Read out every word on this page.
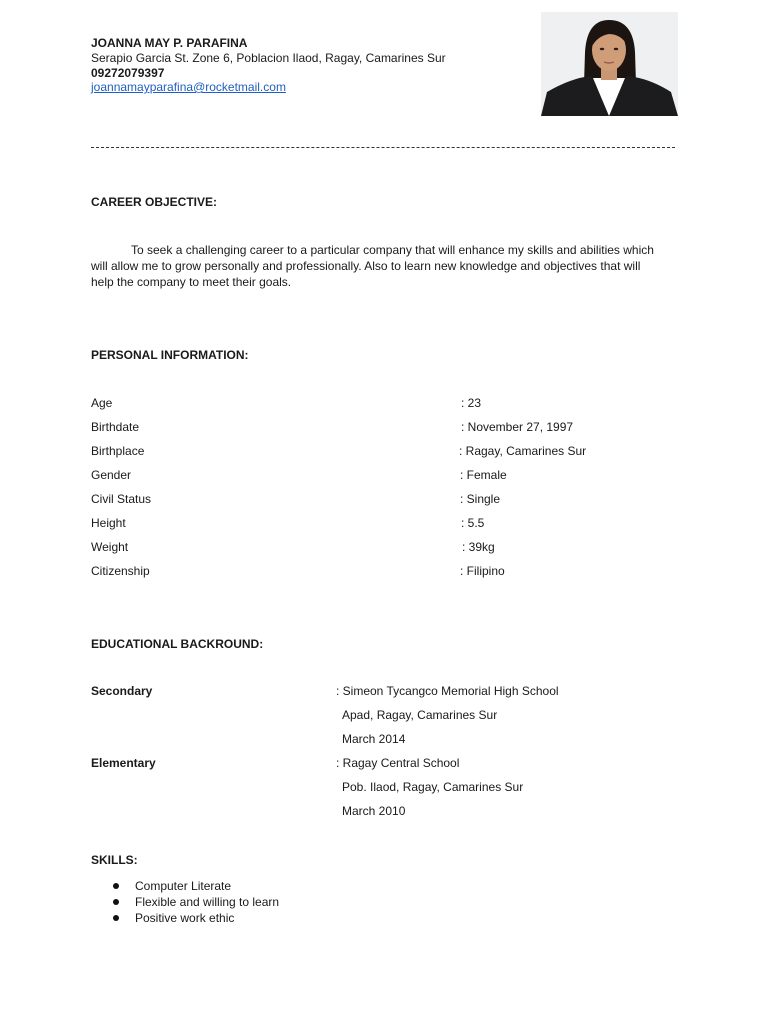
JOANNA MAY P. PARAFINA
Serapio Garcia St. Zone 6, Poblacion Ilaod, Ragay, Camarines Sur
09272079397
joannamayparafina@rocketmail.com
CAREER OBJECTIVE:
To seek a challenging career to a particular company that will enhance my skills and abilities which will allow me to grow personally and professionally. Also to learn new knowledge and objectives that will help the company to meet their goals.
PERSONAL INFORMATION:
Age	: 23
Birthdate	: November 27, 1997
Birthplace	: Ragay, Camarines Sur
Gender	: Female
Civil Status	: Single
Height	: 5.5
Weight	: 39kg
Citizenship	: Filipino
EDUCATIONAL BACKROUND:
Secondary	: Simeon Tycangco Memorial High School
Apad, Ragay, Camarines Sur
March 2014
Elementary	: Ragay Central School
Pob. Ilaod, Ragay, Camarines Sur
March 2010
SKILLS:
Computer Literate
Flexible and willing to learn
Positive work ethic
